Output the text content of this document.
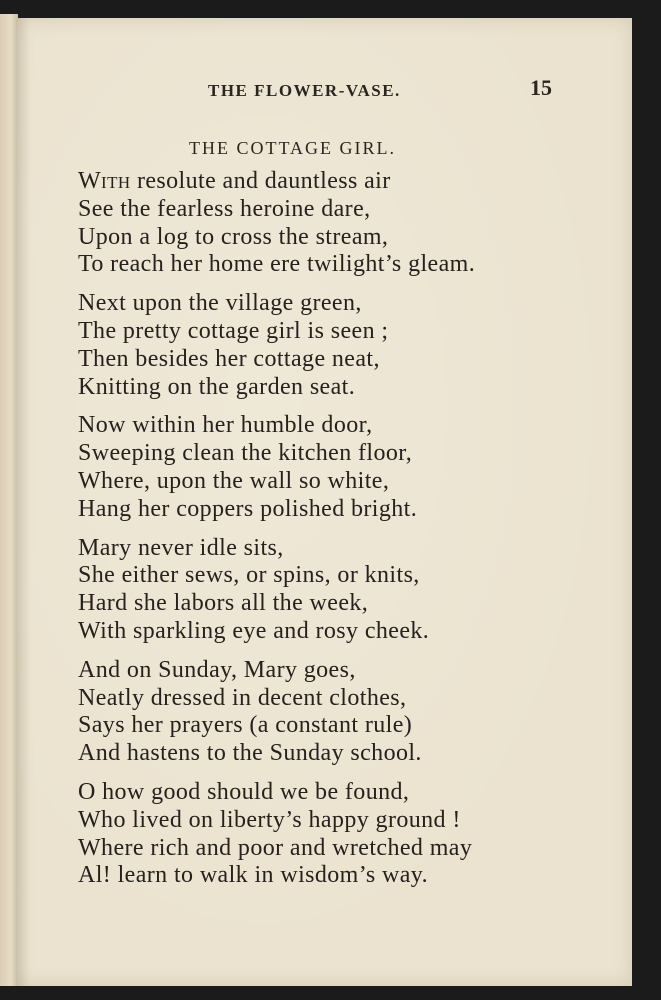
THE FLOWER-VASE.	15
THE COTTAGE GIRL.
With resolute and dauntless air
See the fearless heroine dare,
Upon a log to cross the stream,
To reach her home ere twilight’s gleam.
Next upon the village green,
The pretty cottage girl is seen ;
Then besides her cottage neat,
Knitting on the garden seat.
Now within her humble door,
Sweeping clean the kitchen floor,
Where, upon the wall so white,
Hang her coppers polished bright.
Mary never idle sits,
She either sews, or spins, or knits,
Hard she labors all the week,
With sparkling eye and rosy cheek.
And on Sunday, Mary goes,
Neatly dressed in decent clothes,
Says her prayers (a constant rule)
And hastens to the Sunday school.
O how good should we be found,
Who lived on liberty’s happy ground !
Where rich and poor and wretched may
Al! learn to walk in wisdom’s way.
